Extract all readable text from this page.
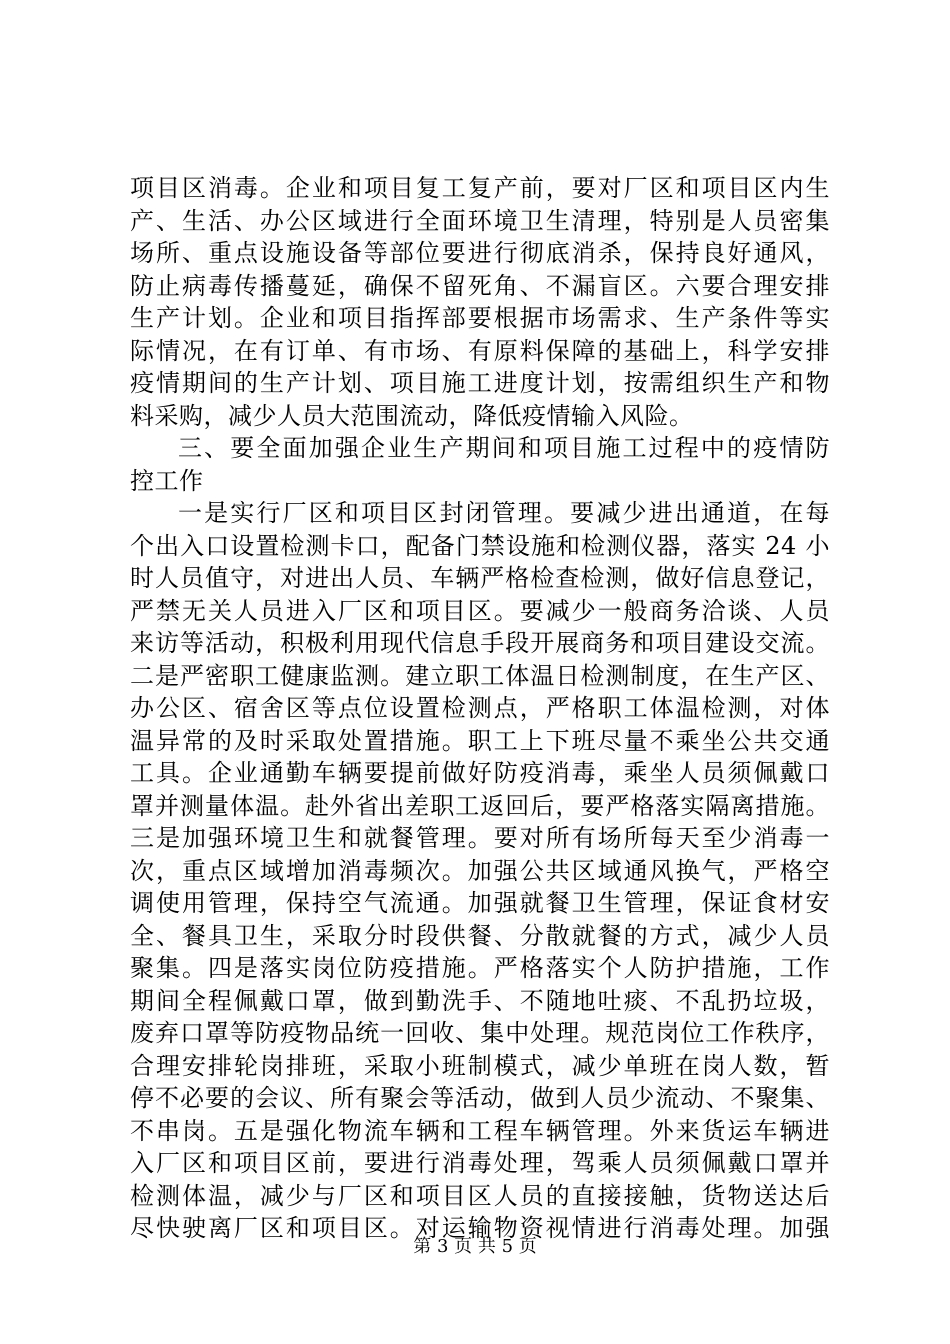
项目区消毒。企业和项目复工复产前，要对厂区和项目区内生
产、生活、办公区域进行全面环境卫生清理，特别是人员密集
场所、重点设施设备等部位要进行彻底消杀，保持良好通风，
防止病毒传播蔓延，确保不留死角、不漏盲区。六要合理安排
生产计划。企业和项目指挥部要根据市场需求、生产条件等实
际情况，在有订单、有市场、有原料保障的基础上，科学安排
疫情期间的生产计划、项目施工进度计划，按需组织生产和物
料采购，减少人员大范围流动，降低疫情输入风险。
三、要全面加强企业生产期间和项目施工过程中的疫情防
控工作
一是实行厂区和项目区封闭管理。要减少进出通道，在每
个出入口设置检测卡口，配备门禁设施和检测仪器，落实 24 小
时人员值守，对进出人员、车辆严格检查检测，做好信息登记，
严禁无关人员进入厂区和项目区。要减少一般商务洽谈、人员
来访等活动，积极利用现代信息手段开展商务和项目建设交流。
二是严密职工健康监测。建立职工体温日检测制度，在生产区、
办公区、宿舍区等点位设置检测点，严格职工体温检测，对体
温异常的及时采取处置措施。职工上下班尽量不乘坐公共交通
工具。企业通勤车辆要提前做好防疫消毒，乘坐人员须佩戴口
罩并测量体温。赴外省出差职工返回后，要严格落实隔离措施。
三是加强环境卫生和就餐管理。要对所有场所每天至少消毒一
次，重点区域增加消毒频次。加强公共区域通风换气，严格空
调使用管理，保持空气流通。加强就餐卫生管理，保证食材安
全、餐具卫生，采取分时段供餐、分散就餐的方式，减少人员
聚集。四是落实岗位防疫措施。严格落实个人防护措施，工作
期间全程佩戴口罩，做到勤洗手、不随地吐痰、不乱扔垃圾，
废弃口罩等防疫物品统一回收、集中处理。规范岗位工作秩序，
合理安排轮岗排班，采取小班制模式，减少单班在岗人数，暂
停不必要的会议、所有聚会等活动，做到人员少流动、不聚集、
不串岗。五是强化物流车辆和工程车辆管理。外来货运车辆进
入厂区和项目区前，要进行消毒处理，驾乘人员须佩戴口罩并
检测体温，减少与厂区和项目区人员的直接接触，货物送达后
尽快驶离厂区和项目区。对运输物资视情进行消毒处理。加强
第 3 页 共 5 页
